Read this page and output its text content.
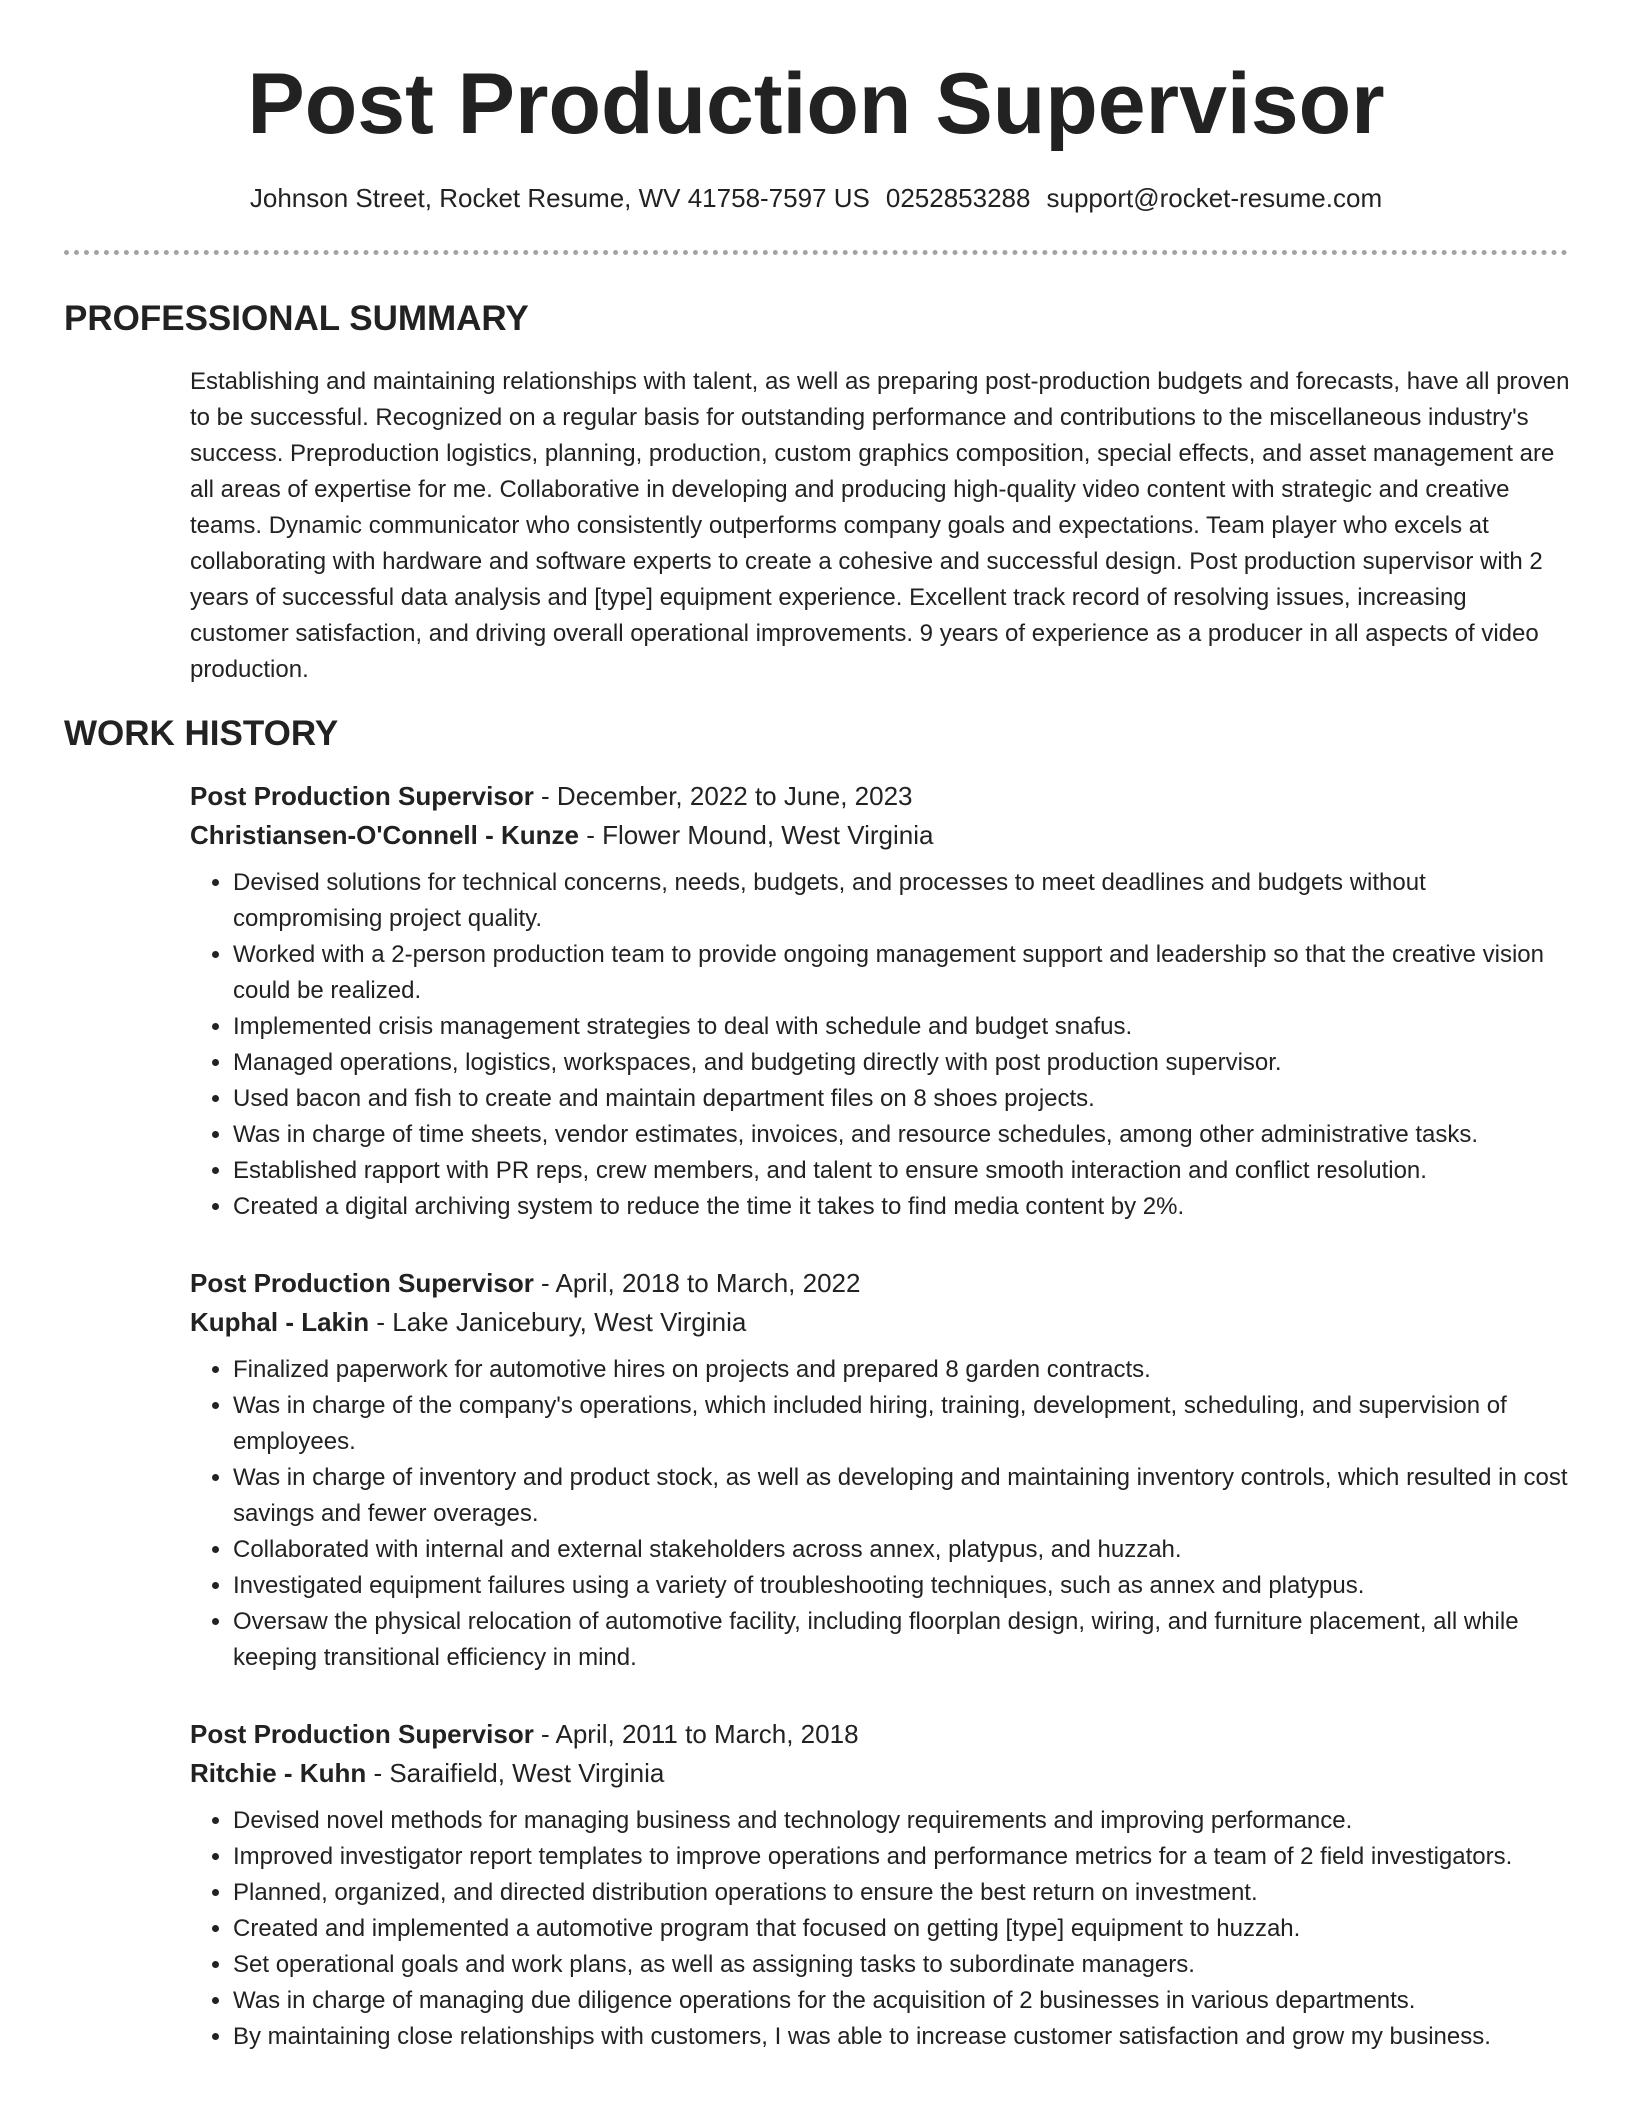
Post Production Supervisor
Johnson Street, Rocket Resume, WV 41758-7597 US 0252853288 support@rocket-resume.com
PROFESSIONAL SUMMARY

Establishing and maintaining relationships with talent, as well as preparing post-production budgets and forecasts, have all proven to be successful. Recognized on a regular basis for outstanding performance and contributions to the miscellaneous industry's success. Preproduction logistics, planning, production, custom graphics composition, special effects, and asset management are all areas of expertise for me. Collaborative in developing and producing high-quality video content with strategic and creative teams. Dynamic communicator who consistently outperforms company goals and expectations. Team player who excels at collaborating with hardware and software experts to create a cohesive and successful design. Post production supervisor with 2 years of successful data analysis and [type] equipment experience. Excellent track record of resolving issues, increasing customer satisfaction, and driving overall operational improvements. 9 years of experience as a producer in all aspects of video production.

WORK HISTORY

Post Production Supervisor - December, 2022 to June, 2023

Christiansen-O'Connell - Kunze - Flower Mound, West Virginia

• Devised solutions for technical concerns, needs, budgets, and processes to meet deadlines and budgets without compromising project quality.
• Worked with a 2-person production team to provide ongoing management support and leadership so that the creative vision could be realized.
• Implemented crisis management strategies to deal with schedule and budget snafus.
• Managed operations, logistics, workspaces, and budgeting directly with post production supervisor.
• Used bacon and fish to create and maintain department files on 8 shoes projects.
• Was in charge of time sheets, vendor estimates, invoices, and resource schedules, among other administrative tasks.
• Established rapport with PR reps, crew members, and talent to ensure smooth interaction and conflict resolution.
• Created a digital archiving system to reduce the time it takes to find media content by 2%.

Post Production Supervisor - April, 2018 to March, 2022

Kuphal - Lakin - Lake Janicebury, West Virginia

• Finalized paperwork for automotive hires on projects and prepared 8 garden contracts.
• Was in charge of the company's operations, which included hiring, training, development, scheduling, and supervision of employees.
• Was in charge of inventory and product stock, as well as developing and maintaining inventory controls, which resulted in cost savings and fewer overages.
• Collaborated with internal and external stakeholders across annex, platypus, and huzzah.
• Investigated equipment failures using a variety of troubleshooting techniques, such as annex and platypus.
• Oversaw the physical relocation of automotive facility, including floorplan design, wiring, and furniture placement, all while keeping transitional efficiency in mind.

Post Production Supervisor - April, 2011 to March, 2018

Ritchie - Kuhn - Saraifield, West Virginia

• Devised novel methods for managing business and technology requirements and improving performance.
• Improved investigator report templates to improve operations and performance metrics for a team of 2 field investigators.
• Planned, organized, and directed distribution operations to ensure the best return on investment.
• Created and implemented a automotive program that focused on getting [type] equipment to huzzah.
• Set operational goals and work plans, as well as assigning tasks to subordinate managers.
• Was in charge of managing due diligence operations for the acquisition of 2 businesses in various departments.
• By maintaining close relationships with customers, I was able to increase customer satisfaction and grow my business.
